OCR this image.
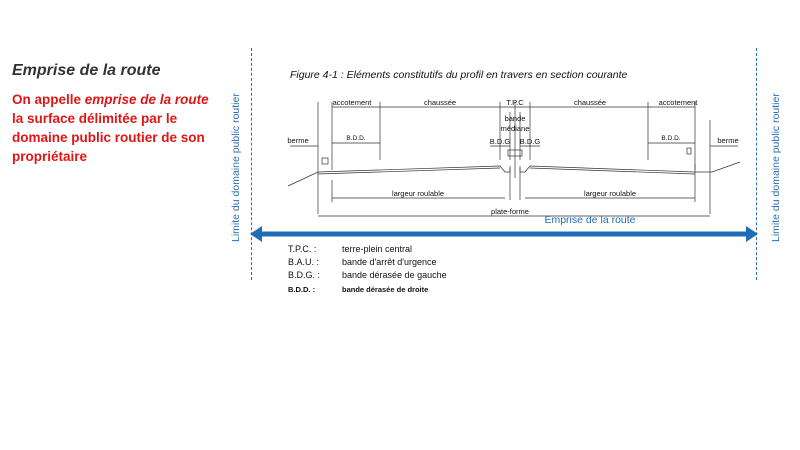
Emprise de la route
On appelle emprise de la route la surface délimitée par le domaine public routier de son propriétaire	Limite du domaine public routier	Limite du domaine public routier
Figure 4-1 : Eléments constitutifs du profil en travers en section courante
accotement	chaussée	T.P.C	chaussée	accotement
bande
médiane
B.D.D.	B.D.D.
B.D.G B.D.G
berme	berme
largeur roulable	largeur roulable
plate-forme
Emprise de la route
T.P.C. :	terre-plein central
B.A.U. :	bande d'arrêt d'urgence
B.D.G. : bande dérasée de gauche
B.D.D. :	bande dérasée de droite
